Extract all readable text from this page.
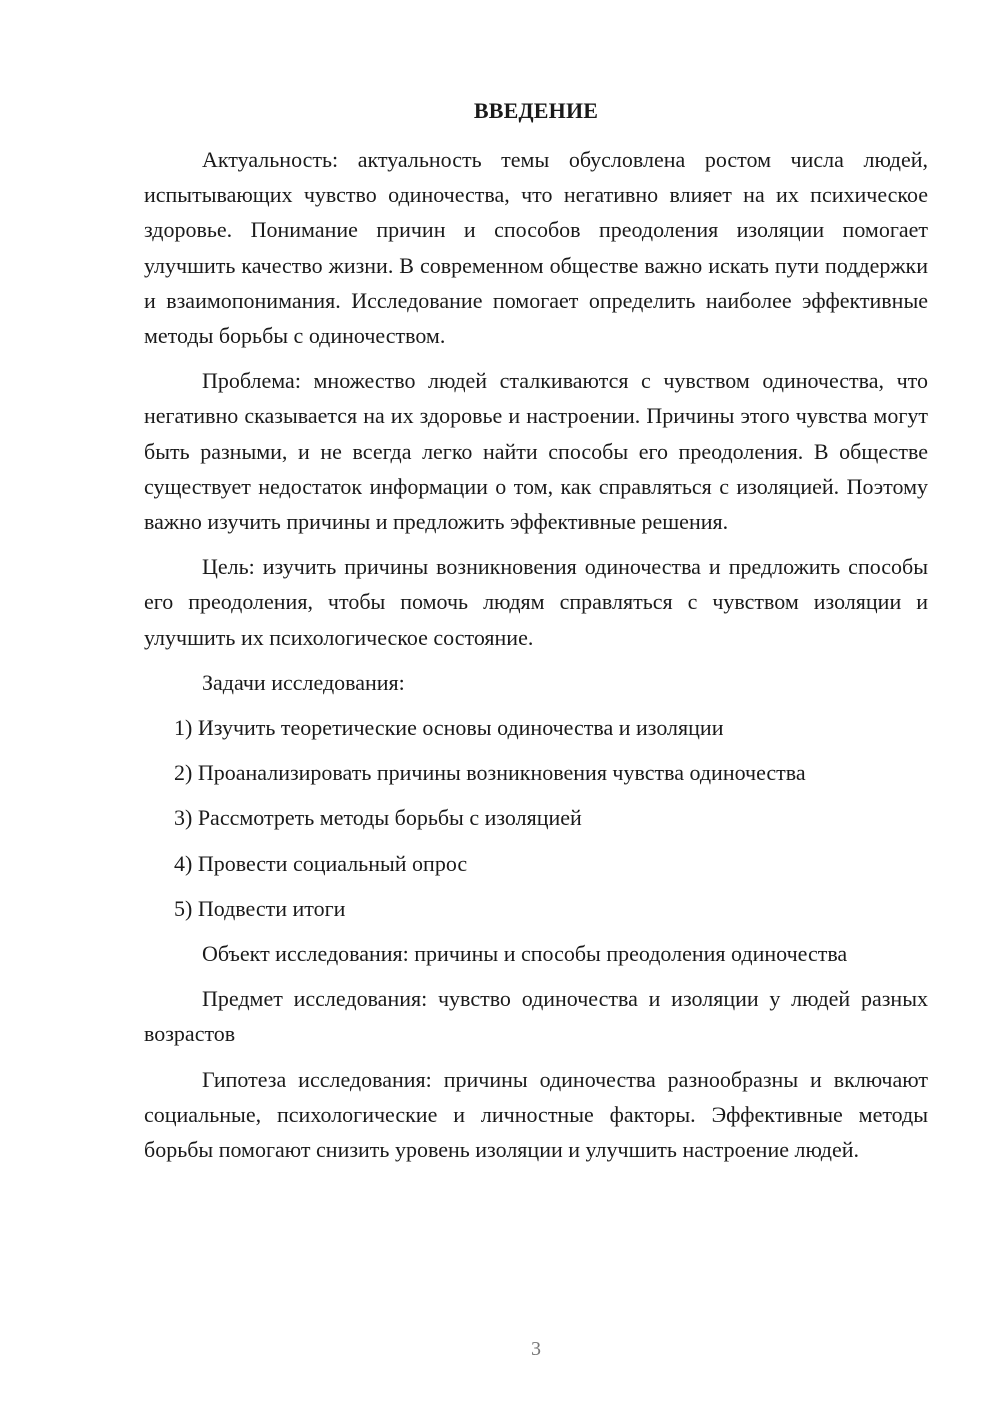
ВВЕДЕНИЕ

Актуальность: актуальность темы обусловлена ростом числа людей, испытывающих чувство одиночества, что негативно влияет на их психическое здоровье. Понимание причин и способов преодоления изоляции помогает улучшить качество жизни. В современном обществе важно искать пути поддержки и взаимопонимания. Исследование помогает определить наиболее эффективные методы борьбы с одиночеством.

Проблема: множество людей сталкиваются с чувством одиночества, что негативно сказывается на их здоровье и настроении. Причины этого чувства могут быть разными, и не всегда легко найти способы его преодоления. В обществе существует недостаток информации о том, как справляться с изоляцией. Поэтому важно изучить причины и предложить эффективные решения.

Цель: изучить причины возникновения одиночества и предложить способы его преодоления, чтобы помочь людям справляться с чувством изоляции и улучшить их психологическое состояние.

Задачи исследования:

1) Изучить теоретические основы одиночества и изоляции
2) Проанализировать причины возникновения чувства одиночества
3) Рассмотреть методы борьбы с изоляцией
4) Провести социальный опрос
5) Подвести итоги

Объект исследования: причины и способы преодоления одиночества

Предмет исследования: чувство одиночества и изоляции у людей разных возрастов

Гипотеза исследования: причины одиночества разнообразны и включают социальные, психологические и личностные факторы. Эффективные методы борьбы помогают снизить уровень изоляции и улучшить настроение людей.

3
